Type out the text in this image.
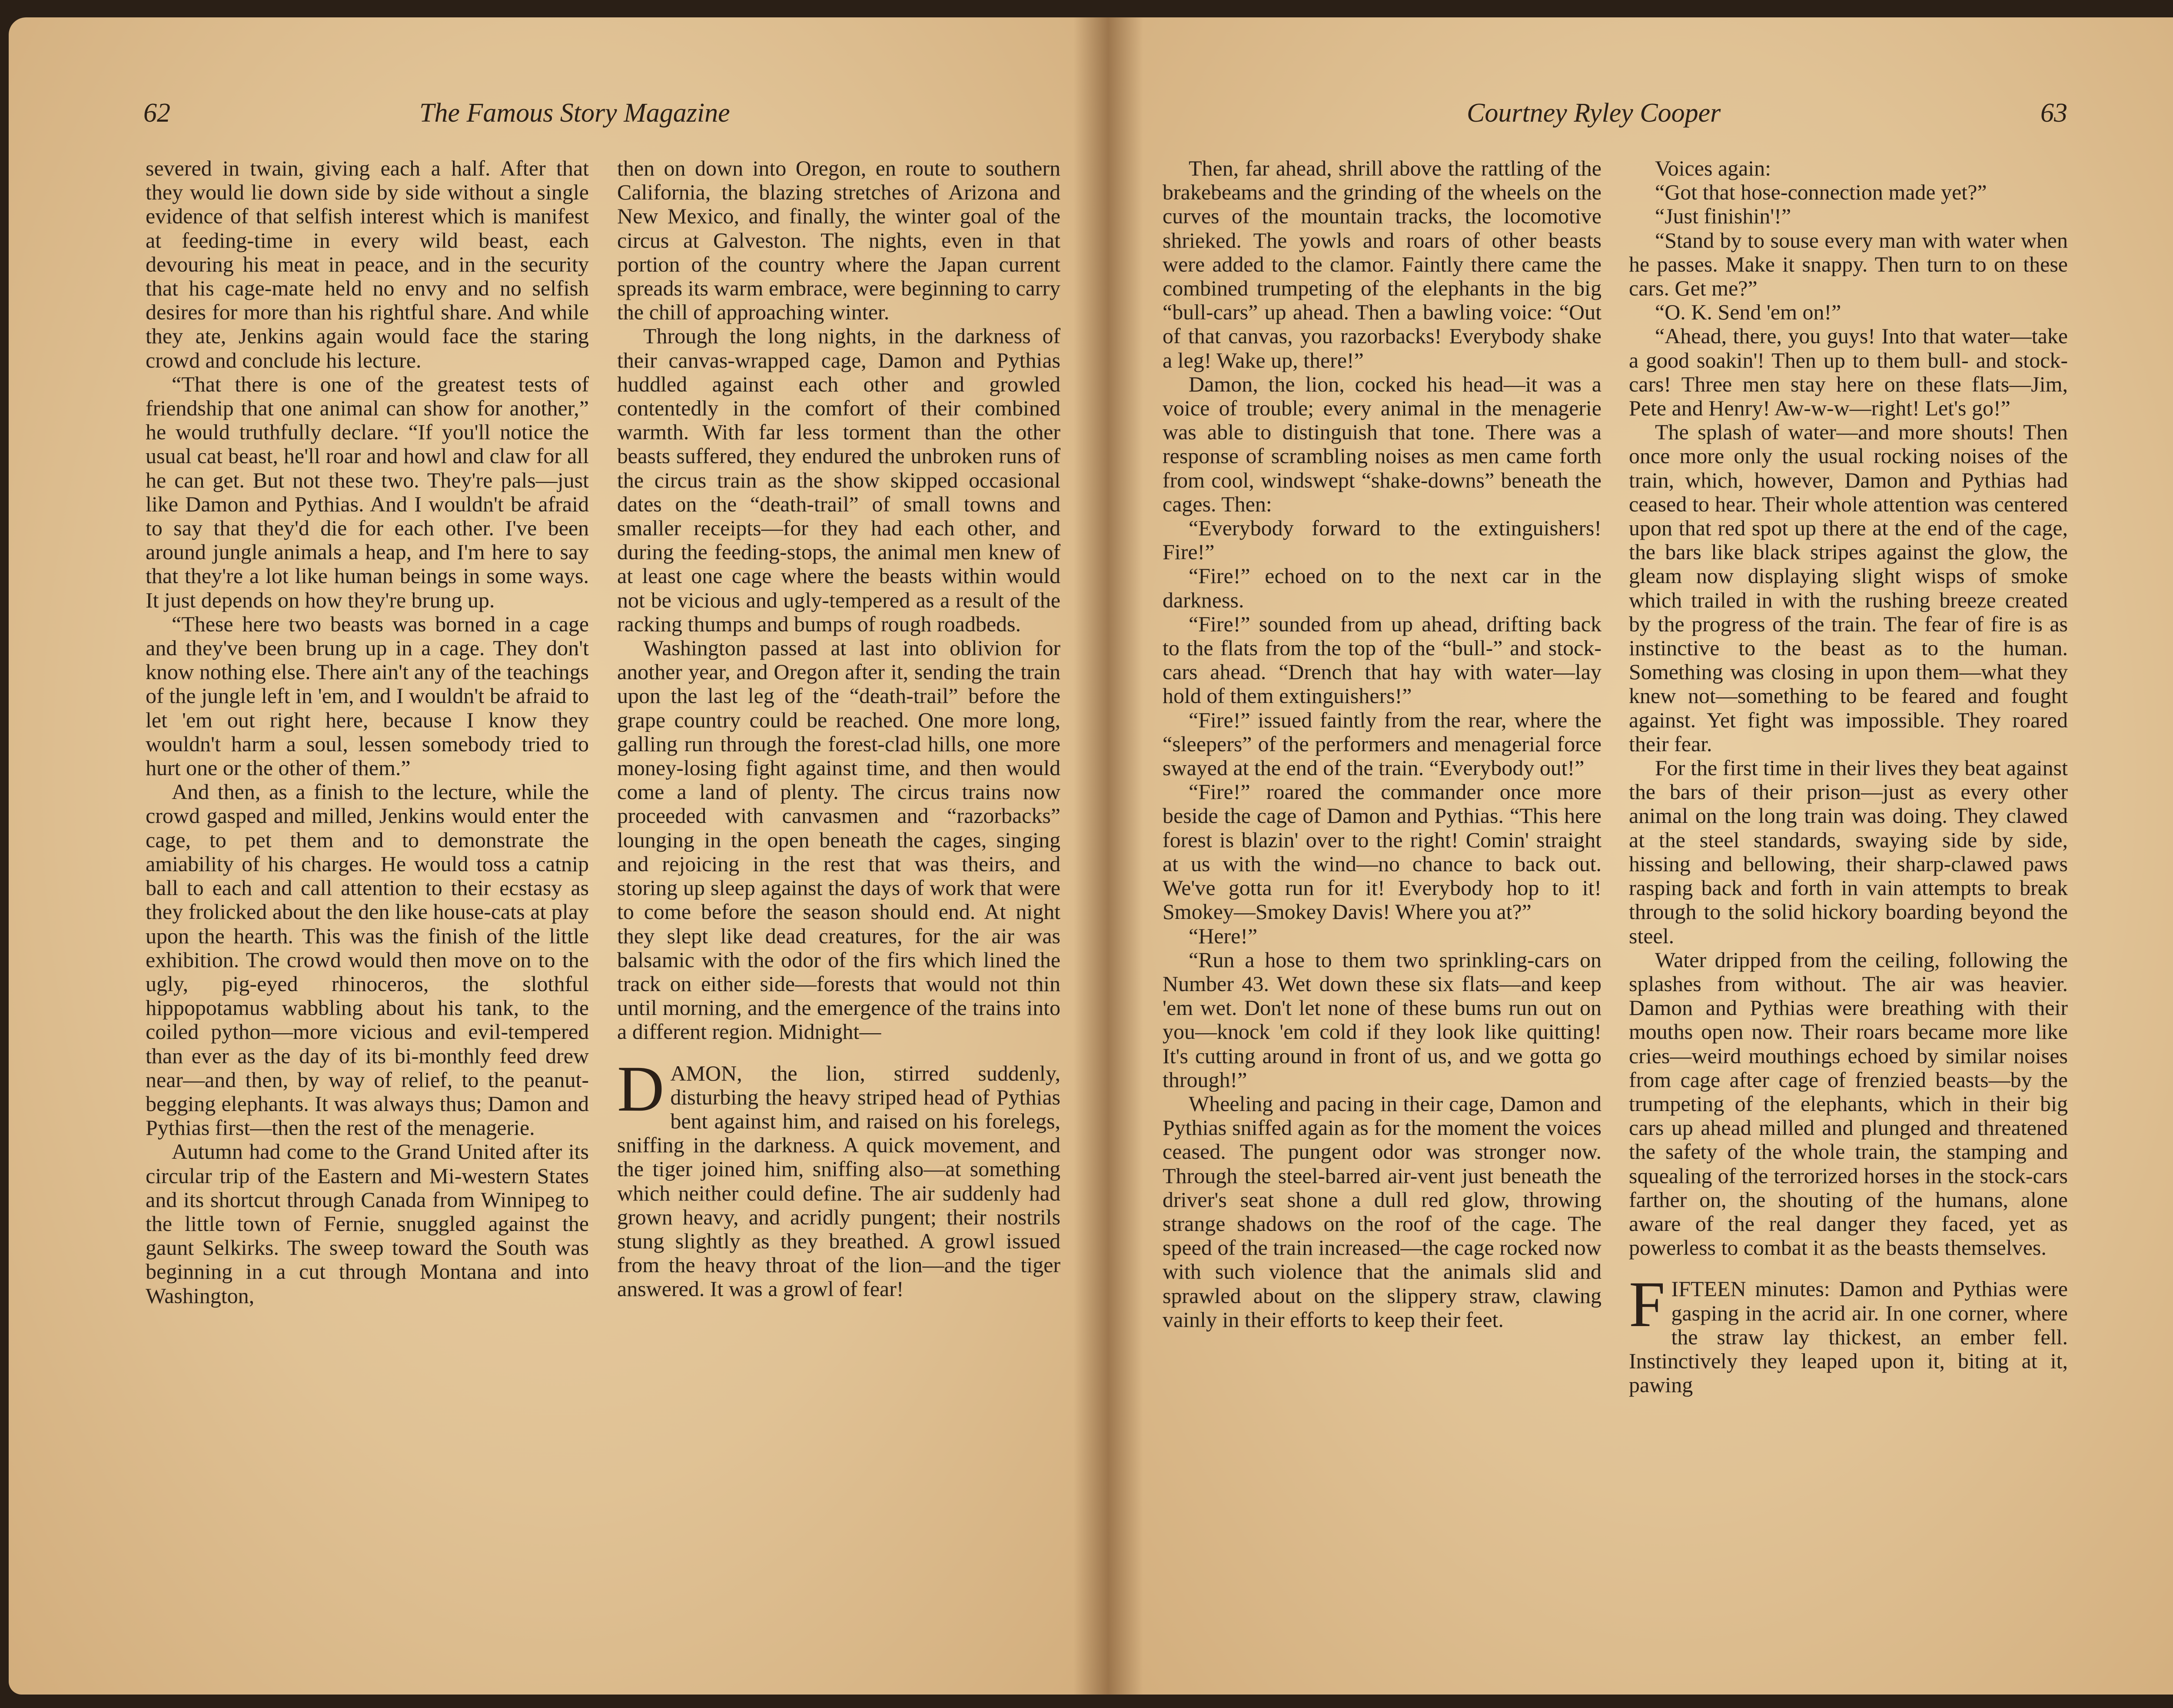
62	The Famous Story Magazine	Courtney Ryley Cooper	63

severed in twain, giving each a half. After that they would lie down side by side without a single evidence of that selfish interest which is manifest at feeding-time in every wild beast, each devouring his meat in peace, and in the security that his cage-mate held no envy and no selfish desires for more than his rightful share. And while they ate, Jenkins again would face the staring crowd and conclude his lecture.

“That there is one of the greatest tests of friendship that one animal can show for another,” he would truthfully declare. “If you'll notice the usual cat beast, he'll roar and howl and claw for all he can get. But not these two. They're pals—just like Damon and Pythias. And I wouldn't be afraid to say that they'd die for each other. I've been around jungle animals a heap, and I'm here to say that they're a lot like human beings in some ways. It just depends on how they're brung up.

“These here two beasts was borned in a cage and they've been brung up in a cage. They don't know nothing else. There ain't any of the teachings of the jungle left in 'em, and I wouldn't be afraid to let 'em out right here, because I know they wouldn't harm a soul, lessen somebody tried to hurt one or the other of them.”

And then, as a finish to the lecture, while the crowd gasped and milled, Jenkins would enter the cage, to pet them and to demonstrate the amiability of his charges. He would toss a catnip ball to each and call attention to their ecstasy as they frolicked about the den like house-cats at play upon the hearth. This was the finish of the little exhibition. The crowd would then move on to the ugly, pig-eyed rhinoceros, the slothful hippopotamus wabbling about his tank, to the coiled python—more vicious and evil-tempered than ever as the day of its bi-monthly feed drew near—and then, by way of relief, to the peanut-begging elephants. It was always thus; Damon and Pythias first—then the rest of the menagerie.

Autumn had come to the Grand United after its circular trip of the Eastern and Mi-western States and its shortcut through Canada from Winnipeg to the little town of Fernie, snuggled against the gaunt Selkirks. The sweep toward the South was beginning in a cut through Montana and into Washington,

then on down into Oregon, en route to southern California, the blazing stretches of Arizona and New Mexico, and finally, the winter goal of the circus at Galveston. The nights, even in that portion of the country where the Japan current spreads its warm embrace, were beginning to carry the chill of approaching winter.

Through the long nights, in the darkness of their canvas-wrapped cage, Damon and Pythias huddled against each other and growled contentedly in the comfort of their combined warmth. With far less torment than the other beasts suffered, they endured the unbroken runs of the circus train as the show skipped occasional dates on the “death-trail” of small towns and smaller receipts—for they had each other, and during the feeding-stops, the animal men knew of at least one cage where the beasts within would not be vicious and ugly-tempered as a result of the racking thumps and bumps of rough roadbeds.

Washington passed at last into oblivion for another year, and Oregon after it, sending the train upon the last leg of the “death-trail” before the grape country could be reached. One more long, galling run through the forest-clad hills, one more money-losing fight against time, and then would come a land of plenty. The circus trains now proceeded with canvasmen and “razorbacks” lounging in the open beneath the cages, singing and rejoicing in the rest that was theirs, and storing up sleep against the days of work that were to come before the season should end. At night they slept like dead creatures, for the air was balsamic with the odor of the firs which lined the track on either side—forests that would not thin until morning, and the emergence of the trains into a different region. Midnight—

D AMON, the lion, stirred suddenly, disturbing the heavy striped head of Pythias bent against him, and raised on his forelegs, sniffing in the darkness. A quick movement, and the tiger joined him, sniffing also—at something which neither could define. The air suddenly had grown heavy, and acridly pungent; their nostrils stung slightly as they breathed. A growl issued from the heavy throat of the lion—and the tiger answered. It was a growl of fear!

Then, far ahead, shrill above the rattling of the brakebeams and the grinding of the wheels on the curves of the mountain tracks, the locomotive shrieked. The yowls and roars of other beasts were added to the clamor. Faintly there came the combined trumpeting of the elephants in the big “bull-cars” up ahead. Then a bawling voice: “Out of that canvas, you razorbacks! Everybody shake a leg! Wake up, there!”

Damon, the lion, cocked his head—it was a voice of trouble; every animal in the menagerie was able to distinguish that tone. There was a response of scrambling noises as men came forth from cool, windswept “shake-downs” beneath the cages. Then:

“Everybody forward to the extinguishers! Fire!”

“Fire!” echoed on to the next car in the darkness.

“Fire!” sounded from up ahead, drifting back to the flats from the top of the “bull-” and stock-cars ahead. “Drench that hay with water—lay hold of them extinguishers!”

“Fire!” issued faintly from the rear, where the “sleepers” of the performers and menagerial force swayed at the end of the train. “Everybody out!”

“Fire!” roared the commander once more beside the cage of Damon and Pythias. “This here forest is blazin' over to the right! Comin' straight at us with the wind—no chance to back out. We've gotta run for it! Everybody hop to it! Smokey—Smokey Davis! Where you at?”

“Here!”

“Run a hose to them two sprinkling-cars on Number 43. Wet down these six flats—and keep 'em wet. Don't let none of these bums run out on you—knock 'em cold if they look like quitting! It's cutting around in front of us, and we gotta go through!”

Wheeling and pacing in their cage, Damon and Pythias sniffed again as for the moment the voices ceased. The pungent odor was stronger now. Through the steel-barred air-vent just beneath the driver's seat shone a dull red glow, throwing strange shadows on the roof of the cage. The speed of the train increased—the cage rocked now with such violence that the animals slid and sprawled about on the slippery straw, clawing vainly in their efforts to keep their feet.

Voices again:

“Got that hose-connection made yet?”

“Just finishin'!”

“Stand by to souse every man with water when he passes. Make it snappy. Then turn to on these cars. Get me?”

“O. K. Send 'em on!”

“Ahead, there, you guys! Into that water—take a good soakin'! Then up to them bull- and stock-cars! Three men stay here on these flats—Jim, Pete and Henry! Aw-w-w—right! Let's go!”

The splash of water—and more shouts! Then once more only the usual rocking noises of the train, which, however, Damon and Pythias had ceased to hear. Their whole attention was centered upon that red spot up there at the end of the cage, the bars like black stripes against the glow, the gleam now displaying slight wisps of smoke which trailed in with the rushing breeze created by the progress of the train. The fear of fire is as instinctive to the beast as to the human. Something was closing in upon them—what they knew not—something to be feared and fought against. Yet fight was impossible. They roared their fear.

For the first time in their lives they beat against the bars of their prison—just as every other animal on the long train was doing. They clawed at the steel standards, swaying side by side, hissing and bellowing, their sharp-clawed paws rasping back and forth in vain attempts to break through to the solid hickory boarding beyond the steel.

Water dripped from the ceiling, following the splashes from without. The air was heavier. Damon and Pythias were breathing with their mouths open now. Their roars became more like cries—weird mouthings echoed by similar noises from cage after cage of frenzied beasts—by the trumpeting of the elephants, which in their big cars up ahead milled and plunged and threatened the safety of the whole train, the stamping and squealing of the terrorized horses in the stock-cars farther on, the shouting of the humans, alone aware of the real danger they faced, yet as powerless to combat it as the beasts themselves.

F IFTEEN minutes: Damon and Pythias were gasping in the acrid air. In one corner, where the straw lay thickest, an ember fell. Instinctively they leaped upon it, biting at it, pawing
